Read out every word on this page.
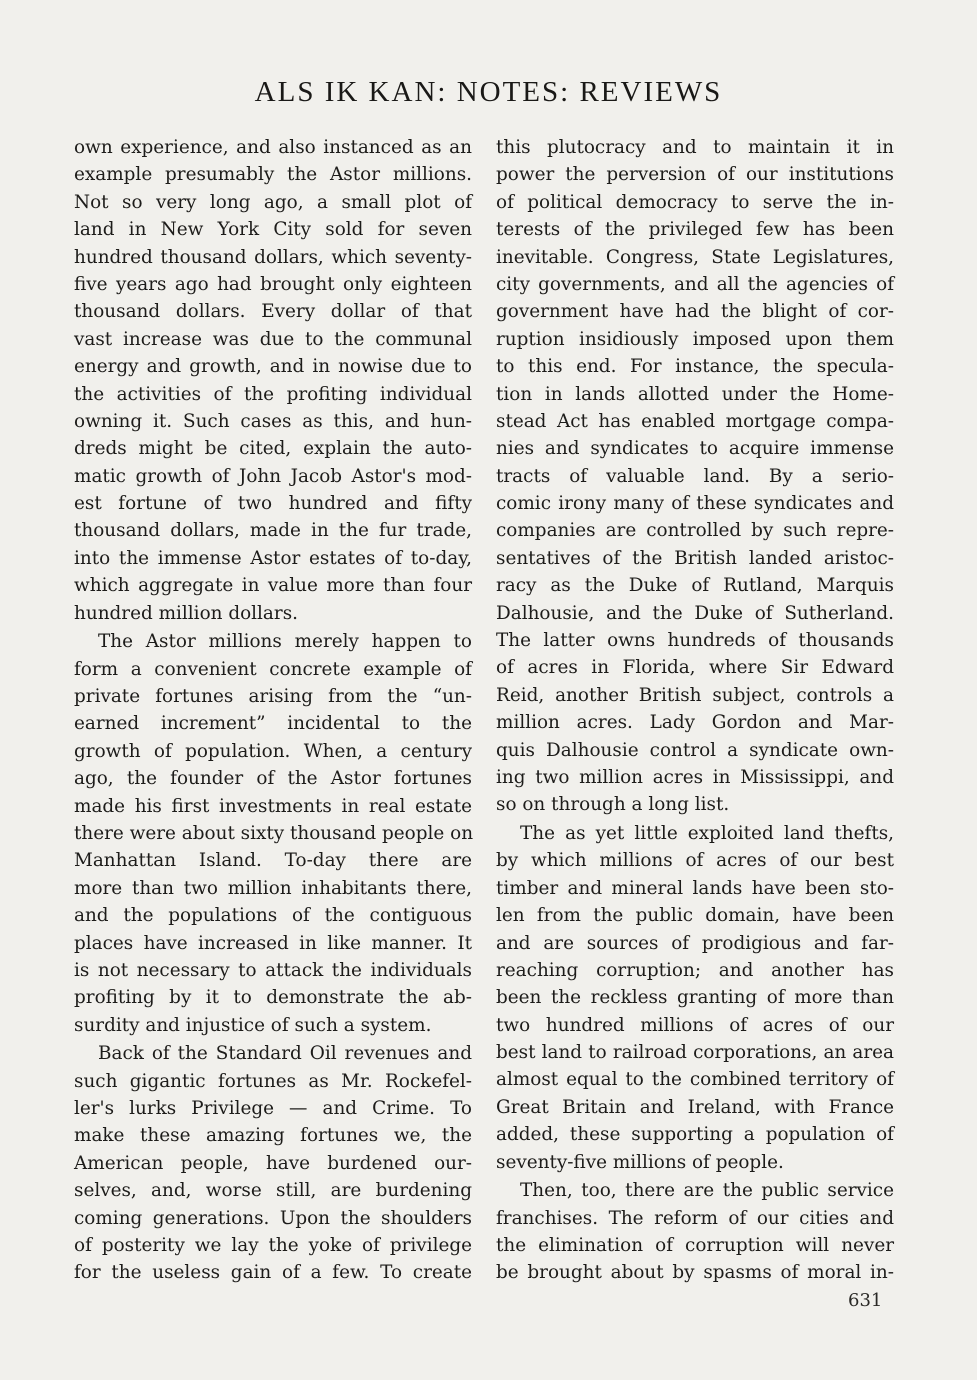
ALS IK KAN: NOTES: REVIEWS
own experience, and also instanced as an
example presumably the Astor millions.
Not so very long ago, a small plot of
land in New York City sold for seven
hundred thousand dollars, which seventy-
five years ago had brought only eighteen
thousand dollars. Every dollar of that
vast increase was due to the communal
energy and growth, and in nowise due to
the activities of the profiting individual
owning it. Such cases as this, and hun-
dreds might be cited, explain the auto-
matic growth of John Jacob Astor's mod-
est fortune of two hundred and fifty
thousand dollars, made in the fur trade,
into the immense Astor estates of to-day,
which aggregate in value more than four
hundred million dollars.
The Astor millions merely happen to
form a convenient concrete example of
private fortunes arising from the “un-
earned increment” incidental to the
growth of population. When, a century
ago, the founder of the Astor fortunes
made his first investments in real estate
there were about sixty thousand people on
Manhattan Island. To-day there are
more than two million inhabitants there,
and the populations of the contiguous
places have increased in like manner. It
is not necessary to attack the individuals
profiting by it to demonstrate the ab-
surdity and injustice of such a system.
Back of the Standard Oil revenues and
such gigantic fortunes as Mr. Rockefel-
ler's lurks Privilege — and Crime. To
make these amazing fortunes we, the
American people, have burdened our-
selves, and, worse still, are burdening
coming generations. Upon the shoulders
of posterity we lay the yoke of privilege
for the useless gain of a few. To create
this plutocracy and to maintain it in
power the perversion of our institutions
of political democracy to serve the in-
terests of the privileged few has been
inevitable. Congress, State Legislatures,
city governments, and all the agencies of
government have had the blight of cor-
ruption insidiously imposed upon them
to this end. For instance, the specula-
tion in lands allotted under the Home-
stead Act has enabled mortgage compa-
nies and syndicates to acquire immense
tracts of valuable land. By a serio-
comic irony many of these syndicates and
companies are controlled by such repre-
sentatives of the British landed aristoc-
racy as the Duke of Rutland, Marquis
Dalhousie, and the Duke of Sutherland.
The latter owns hundreds of thousands
of acres in Florida, where Sir Edward
Reid, another British subject, controls a
million acres. Lady Gordon and Mar-
quis Dalhousie control a syndicate own-
ing two million acres in Mississippi, and
so on through a long list.
The as yet little exploited land thefts,
by which millions of acres of our best
timber and mineral lands have been sto-
len from the public domain, have been
and are sources of prodigious and far-
reaching corruption; and another has
been the reckless granting of more than
two hundred millions of acres of our
best land to railroad corporations, an area
almost equal to the combined territory of
Great Britain and Ireland, with France
added, these supporting a population of
seventy-five millions of people.
Then, too, there are the public service
franchises. The reform of our cities and
the elimination of corruption will never
be brought about by spasms of moral in-
631
